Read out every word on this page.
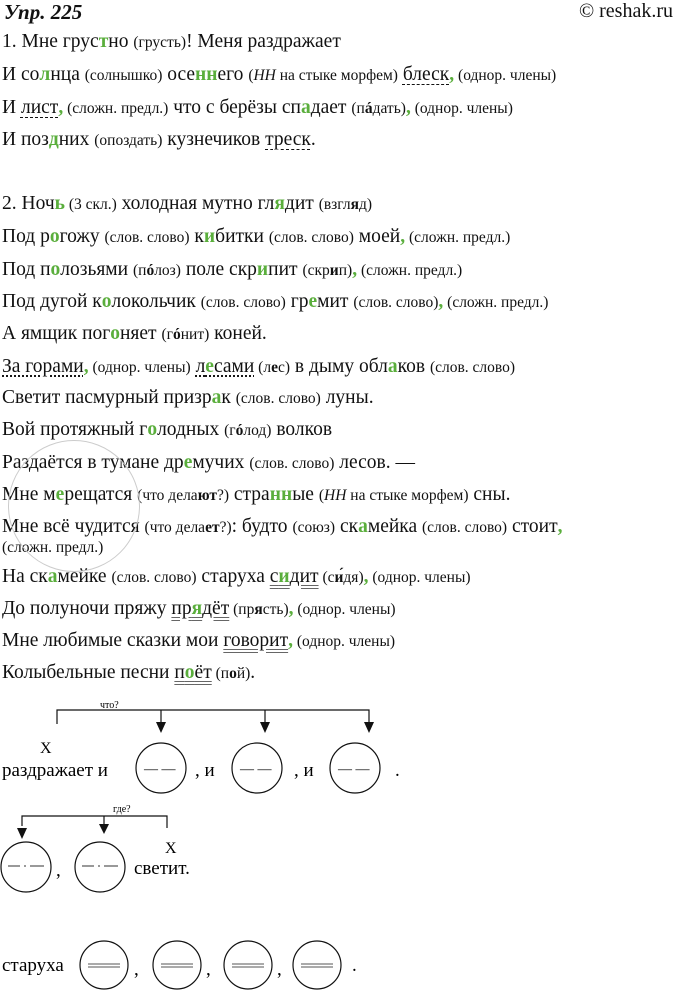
Упр. 225	© reshak.ru
1. Мне грустно (грусть)! Меня раздражает
И солнца (солнышко) осеннего (НН на стыке морфем) блеск, (однор. члены)
И лист, (сложн. предл.) что с берёзы спадает (пáдать), (однор. члены)
И поздних (опоздать) кузнечиков треск.
2. Ночь (3 скл.) холодная мутно глядит (взгляд)
Под рогожу (слов. слово) кибитки (слов. слово) моей, (сложн. предл.)
Под полозьями (пóлоз) поле скрипит (скрип), (сложн. предл.)
Под дугой колокольчик (слов. слово) гремит (слов. слово), (сложн. предл.)
А ямщик погоняет (гóнит) коней.
За горами, (однор. члены) лесами (лес) в дыму облаков (слов. слово)
Светит пасмурный призрак (слов. слово) луны.
Вой протяжный голодных (гóлод) волков
Раздаётся в тумане дремучих (слов. слово) лесов. —
Мне мерещатся (что делают?) странные (НН на стыке морфем) сны.
Мне всё чудится (что делает?): будто (союз) скамейка (слов. слово) стоит,
(сложн. предл.)
На скамейке (слов. слово) старуха сидит (си́дя), (однор. члены)
До полуночи пряжу прядёт (прясть), (однор. члены)
Мне любимые сказки мои говорит, (однор. члены)
Колыбельные песни поёт (пой).
что?
X
раздражает и	— — , и — — , и — — .
где?
X
,	светит.
старуха	,	,	,	.
